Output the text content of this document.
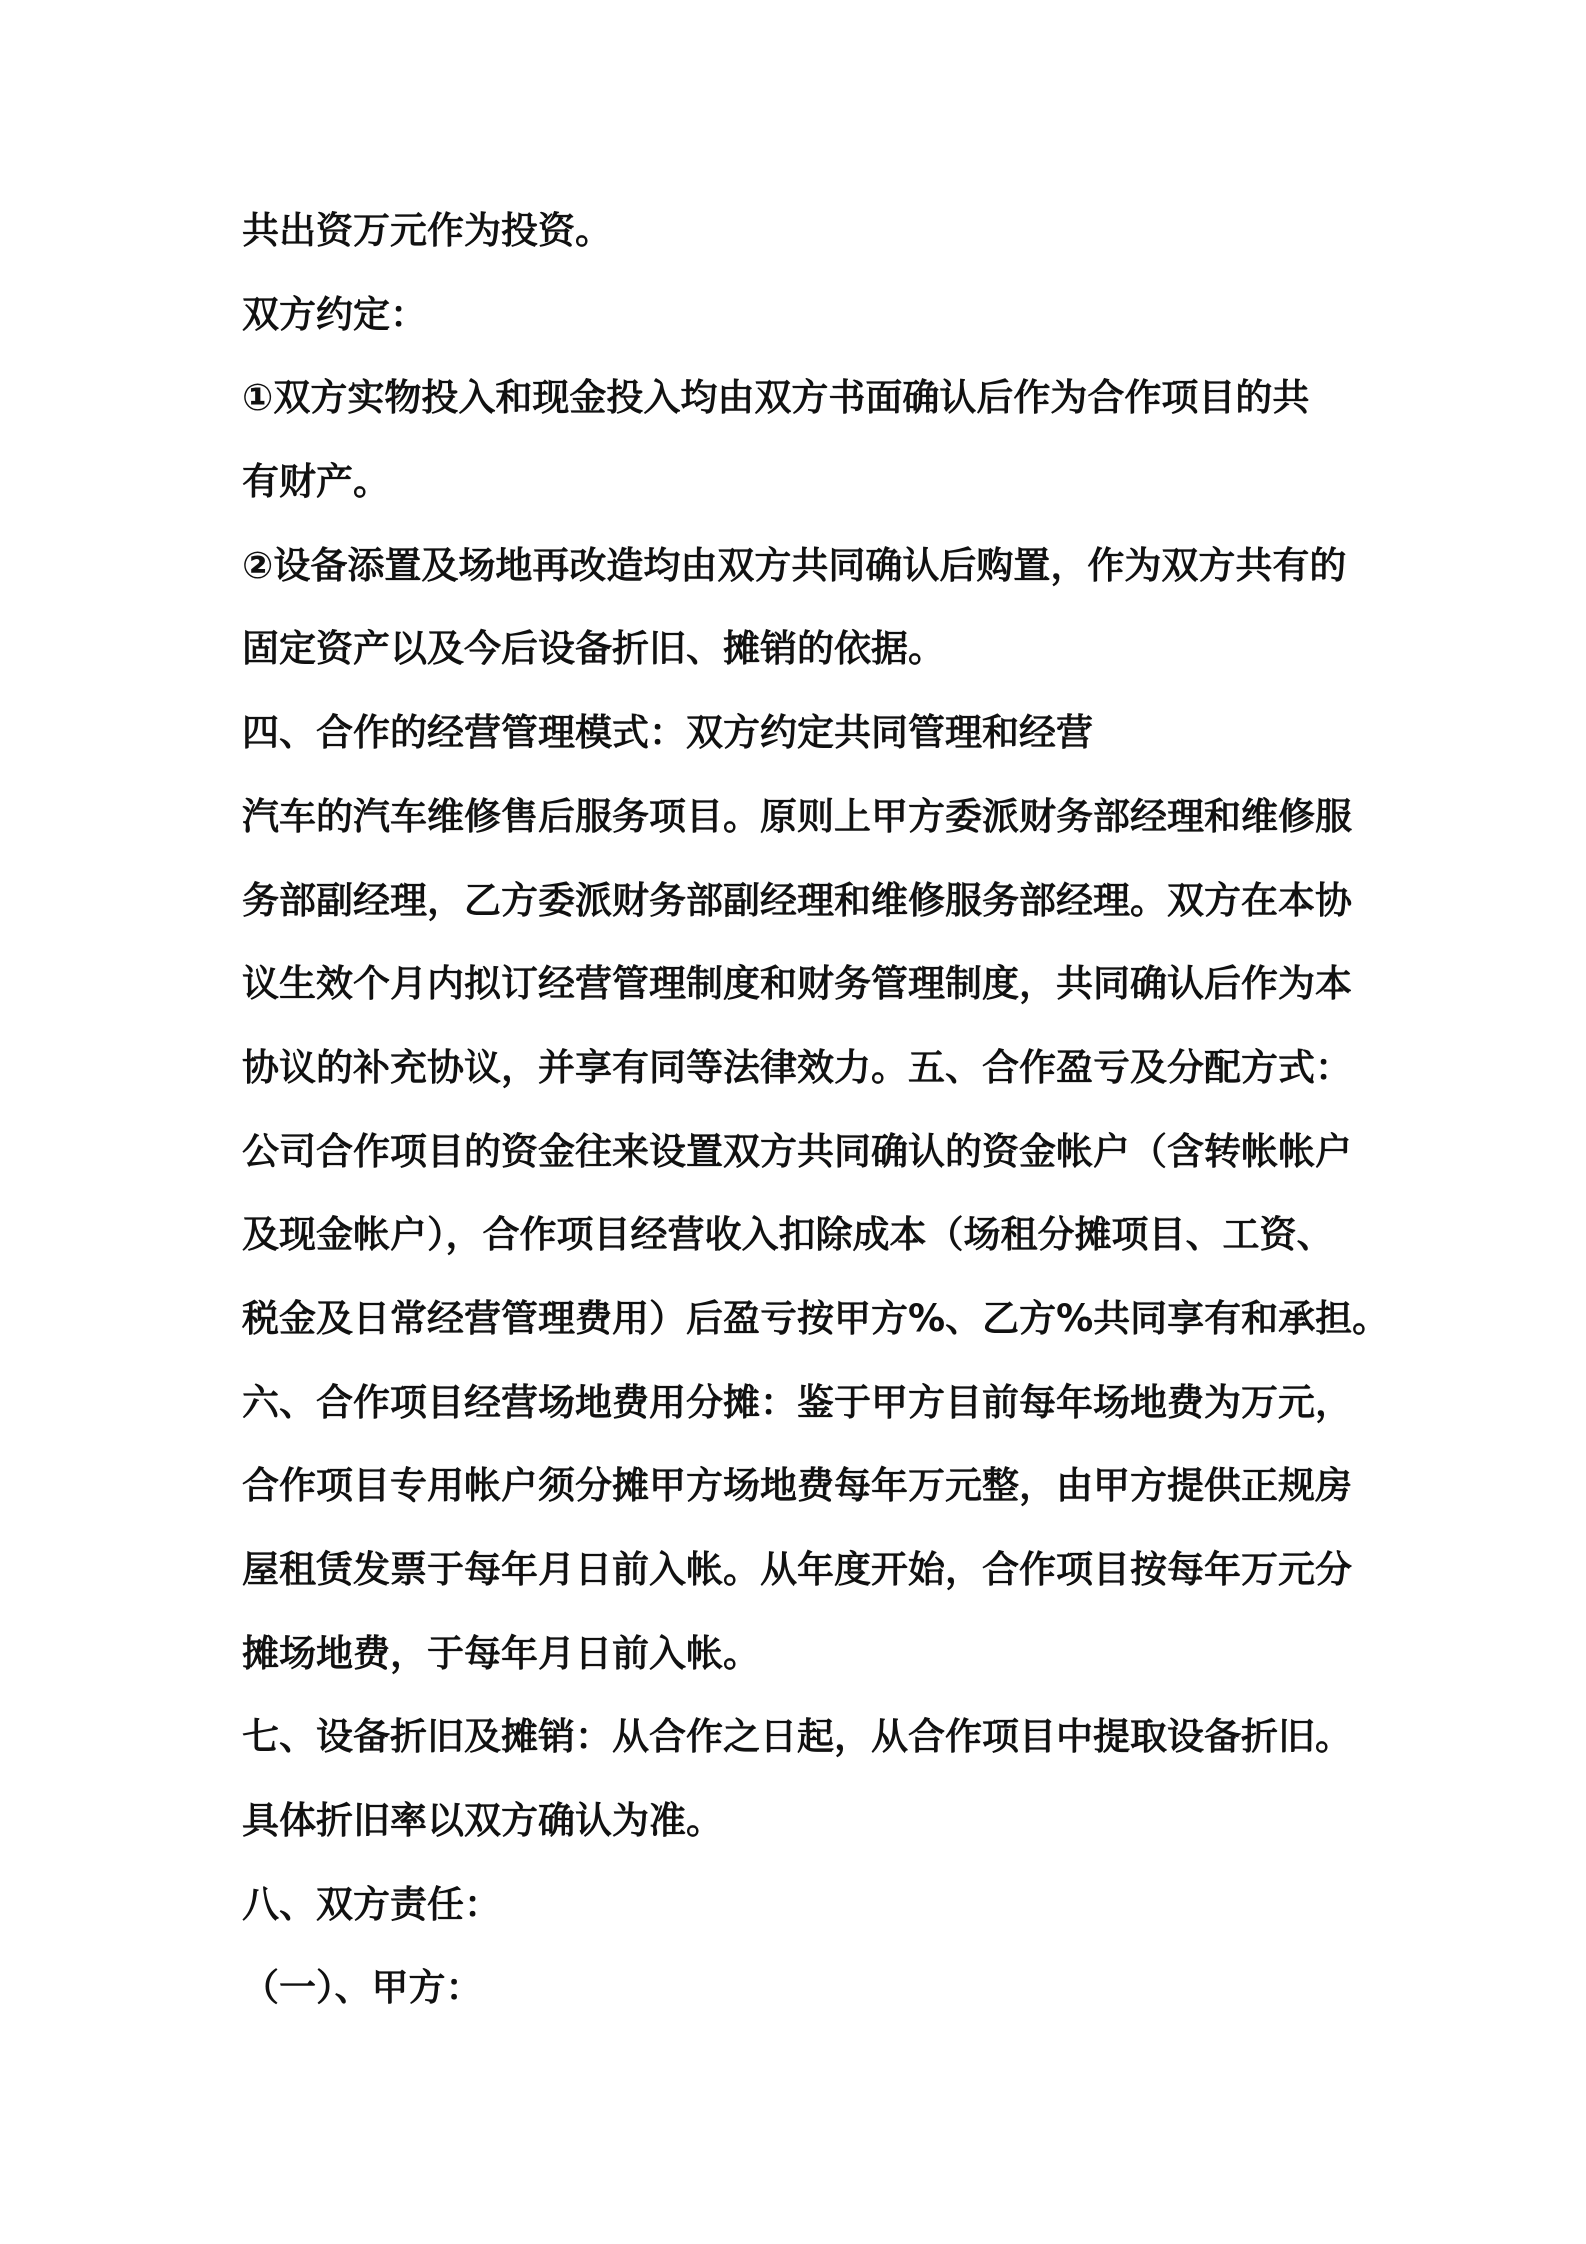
共出资万元作为投资。
双方约定：
①双方实物投入和现金投入均由双方书面确认后作为合作项目的共
有财产。
②设备添置及场地再改造均由双方共同确认后购置，作为双方共有的
固定资产以及今后设备折旧、摊销的依据。
四、合作的经营管理模式：双方约定共同管理和经营
汽车的汽车维修售后服务项目。原则上甲方委派财务部经理和维修服
务部副经理，乙方委派财务部副经理和维修服务部经理。双方在本协
议生效个月内拟订经营管理制度和财务管理制度，共同确认后作为本
协议的补充协议，并享有同等法律效力。五、合作盈亏及分配方式：
公司合作项目的资金往来设置双方共同确认的资金帐户（含转帐帐户
及现金帐户），合作项目经营收入扣除成本（场租分摊项目、工资、
税金及日常经营管理费用）后盈亏按甲方%、乙方%共同享有和承担。
六、合作项目经营场地费用分摊：鉴于甲方目前每年场地费为万元，
合作项目专用帐户须分摊甲方场地费每年万元整，由甲方提供正规房
屋租赁发票于每年月日前入帐。从年度开始，合作项目按每年万元分
摊场地费，于每年月日前入帐。
七、设备折旧及摊销：从合作之日起，从合作项目中提取设备折旧。
具体折旧率以双方确认为准。
八、双方责任：
（一）、甲方：
